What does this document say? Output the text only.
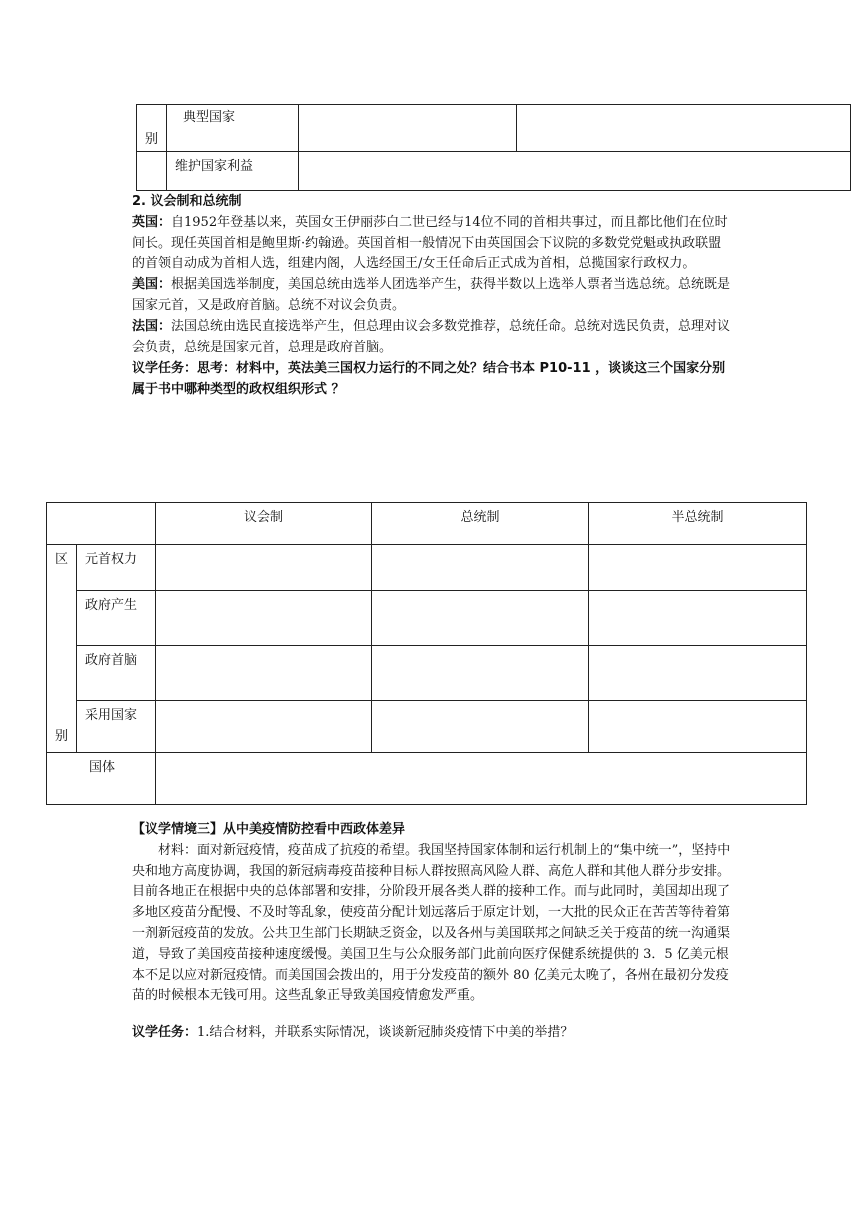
别	典型国家		
	维护国家利益		

2. 议会制和总统制

英国：自1952年登基以来，英国女王伊丽莎白二世已经与14位不同的首相共事过，而且都比他们在位时间长。现任英国首相是鲍里斯·约翰逊。英国首相一般情况下由英国国会下议院的多数党党魁或执政联盟的首领自动成为首相人选，组建内阁，人选经国王/女王任命后正式成为首相，总揽国家行政权力。

美国：根据美国选举制度，美国总统由选举人团选举产生，获得半数以上选举人票者当选总统。总统既是国家元首，又是政府首脑。总统不对议会负责。

法国：法国总统由选民直接选举产生，但总理由议会多数党推荐，总统任命。总统对选民负责，总理对议会负责，总统是国家元首，总理是政府首脑。

议学任务：思考：材料中，英法美三国权力运行的不同之处？结合书本 P10-11 ，谈谈这三个国家分别属于书中哪种类型的政权组织形式 ？

		议会制	总统制	半总统制

区
别	元首权力			
	政府产生			
	政府首脑			
	采用国家			
国体				

【议学情境三】从中美疫情防控看中西政体差异

材料：面对新冠疫情，疫苗成了抗疫的希望。我国坚持国家体制和运行机制上的“集中统一”，坚持中央和地方高度协调，我国的新冠病毒疫苗接种目标人群按照高风险人群、高危人群和其他人群分步安排。目前各地正在根据中央的总体部署和安排，分阶段开展各类人群的接种工作。而与此同时，美国却出现了多地区疫苗分配慢、不及时等乱象，使疫苗分配计划远落后于原定计划，一大批的民众正在苦苦等待着第一剂新冠疫苗的发放。公共卫生部门长期缺乏资金，以及各州与美国联邦之间缺乏关于疫苗的统一沟通渠道，导致了美国疫苗接种速度缓慢。美国卫生与公众服务部门此前向医疗保健系统提供的 3．5 亿美元根本不足以应对新冠疫情。而美国国会拨出的，用于分发疫苗的额外 80 亿美元太晚了，各州在最初分发疫苗的时候根本无钱可用。这些乱象正导致美国疫情愈发严重。

议学任务：1.结合材料，并联系实际情况，谈谈新冠肺炎疫情下中美的举措？
